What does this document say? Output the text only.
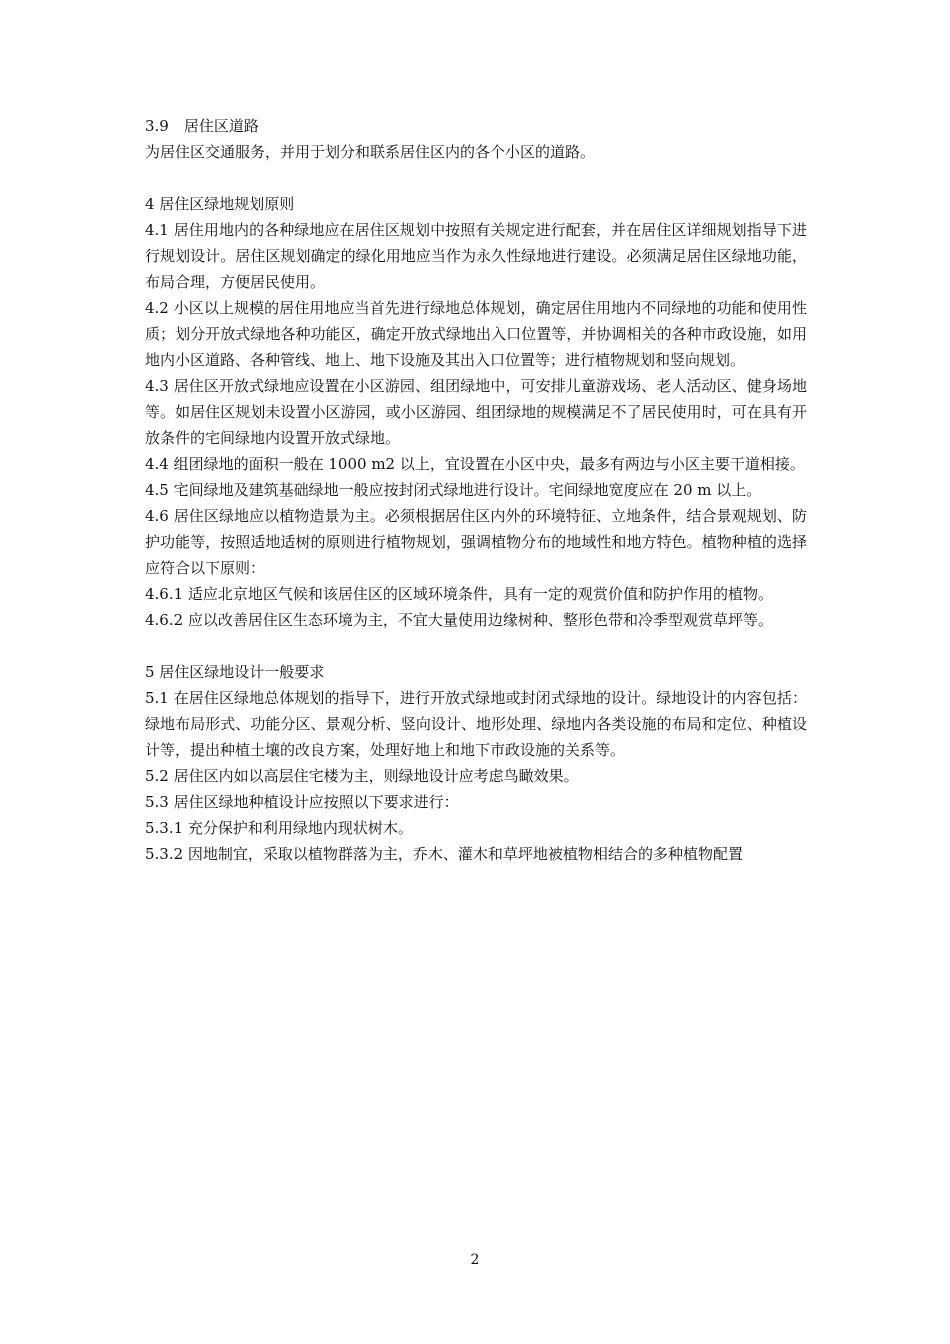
3.9　居住区道路

为居住区交通服务，并用于划分和联系居住区内的各个小区的道路。

4 居住区绿地规划原则

4.1 居住用地内的各种绿地应在居住区规划中按照有关规定进行配套，并在居住区详细规划指导下进行规划设计。居住区规划确定的绿化用地应当作为永久性绿地进行建设。必须满足居住区绿地功能，布局合理，方便居民使用。

4.2 小区以上规模的居住用地应当首先进行绿地总体规划，确定居住用地内不同绿地的功能和使用性质；划分开放式绿地各种功能区，确定开放式绿地出入口位置等，并协调相关的各种市政设施，如用地内小区道路、各种管线、地上、地下设施及其出入口位置等；进行植物规划和竖向规划。

4.3 居住区开放式绿地应设置在小区游园、组团绿地中，可安排儿童游戏场、老人活动区、健身场地等。如居住区规划未设置小区游园，或小区游园、组团绿地的规模满足不了居民使用时，可在具有开放条件的宅间绿地内设置开放式绿地。

4.4 组团绿地的面积一般在 1000 m2 以上，宜设置在小区中央，最多有两边与小区主要干道相接。

4.5 宅间绿地及建筑基础绿地一般应按封闭式绿地进行设计。宅间绿地宽度应在 20 m 以上。

4.6 居住区绿地应以植物造景为主。必须根据居住区内外的环境特征、立地条件，结合景观规划、防护功能等，按照适地适树的原则进行植物规划，强调植物分布的地域性和地方特色。植物种植的选择应符合以下原则：

4.6.1 适应北京地区气候和该居住区的区域环境条件，具有一定的观赏价值和防护作用的植物。

4.6.2 应以改善居住区生态环境为主，不宜大量使用边缘树种、整形色带和冷季型观赏草坪等。

5 居住区绿地设计一般要求

5.1 在居住区绿地总体规划的指导下，进行开放式绿地或封闭式绿地的设计。绿地设计的内容包括：绿地布局形式、功能分区、景观分析、竖向设计、地形处理、绿地内各类设施的布局和定位、种植设计等，提出种植土壤的改良方案，处理好地上和地下市政设施的关系等。

5.2 居住区内如以高层住宅楼为主，则绿地设计应考虑鸟瞰效果。

5.3 居住区绿地种植设计应按照以下要求进行：

5.3.1 充分保护和利用绿地内现状树木。

5.3.2 因地制宜，采取以植物群落为主，乔木、灌木和草坪地被植物相结合的多种植物配置

2
